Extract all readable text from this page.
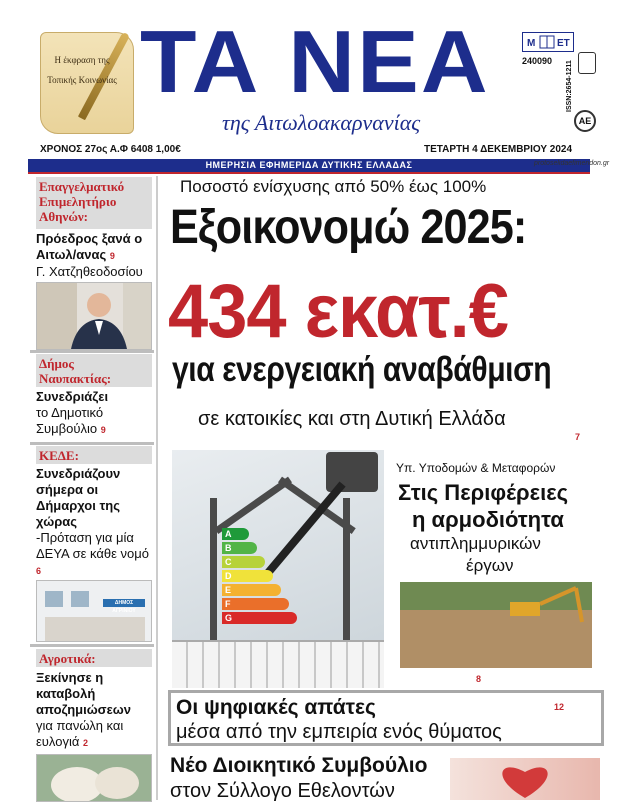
Η έκφραση της Τοπικής Κοινωνίας ΤΑ ΝΕΑ
της Αιτωλοακαρνανίας
Μ ΕΤ
240090 ISSN:2654-1211
ΑΕ
ΧΡΟΝΟΣ 27ος Α.Φ 6408 1,00€	ΤΕΤΑΡΤΗ 4 ΔΕΚΕΜΒΡΙΟΥ 2024
ΗΜΕΡΗΣΙΑ ΕΦΗΜΕΡΙΔΑ ΔΥΤΙΚΗΣ ΕΛΛΑΔΑΣ	protoselidaefimeridon.gr
Επαγγελματικό Επιμελητήριο Αθηνών:
Πρόεδρος ξανά ο Αιτωλ/ανας 9
Γ. Χατζηθεοδοσίου
Δήμος Ναυπακτίας:
Συνεδριάζει
το Δημοτικό Συμβούλιο 9
ΚΕΔΕ:
Συνεδριάζουν σήμερα οι Δήμαρχοι της χώρας
-Πρόταση για μία ΔΕΥΑ σε κάθε νομό 6
ΔΗΜΟΣ ΑΓΡΙΝΙΟΥ
Αγροτικά:
Ξεκίνησε η καταβολή αποζημιώσεων
για πανώλη και ευλογιά 2
Ποσοστό ενίσχυσης από 50% έως 100%
Εξοικονομώ 2025:
434 εκατ.€
για ενεργειακή αναβάθμιση
σε κατοικίες και στη Δυτική Ελλάδα
7
A
B
C
D
E
F
G
Υπ. Υποδομών & Μεταφορών
Στις Περιφέρειες
η αρμοδιότητα
αντιπλημμυρικών
έργων
8
Οι ψηφιακές απάτες
μέσα από την εμπειρία ενός θύματος
12
Νέο Διοικητικό Συμβούλιο
στον Σύλλογο Εθελοντών
